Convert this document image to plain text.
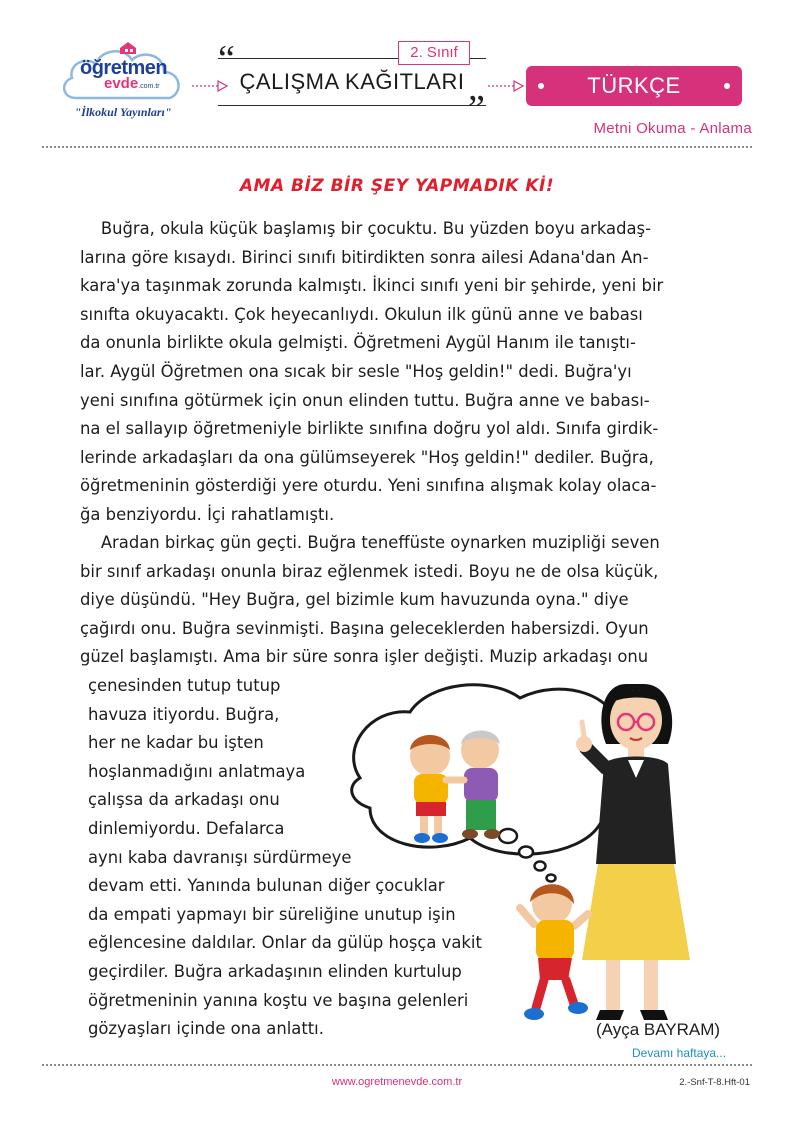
öğretmen
evde.com.tr
"İlkokul Yayınları"
“
ÇALIŞMA KAĞITLARI
2. Sınıf
”
TÜRKÇE
Metni Okuma - Anlama
AMA BİZ BİR ŞEY YAPMADIK Kİ!
Buğra, okula küçük başlamış bir çocuktu. Bu yüzden boyu arkadaş-
larına göre kısaydı. Birinci sınıfı bitirdikten sonra ailesi Adana'dan An-
kara'ya taşınmak zorunda kalmıştı. İkinci sınıfı yeni bir şehirde, yeni bir
sınıfta okuyacaktı. Çok heyecanlıydı. Okulun ilk günü anne ve babası
da onunla birlikte okula gelmişti. Öğretmeni Aygül Hanım ile tanıştı-
lar. Aygül Öğretmen ona sıcak bir sesle "Hoş geldin!" dedi. Buğra'yı
yeni sınıfına götürmek için onun elinden tuttu. Buğra anne ve babası-
na el sallayıp öğretmeniyle birlikte sınıfına doğru yol aldı. Sınıfa girdik-
lerinde arkadaşları da ona gülümseyerek "Hoş geldin!" dediler. Buğra,
öğretmeninin gösterdiği yere oturdu. Yeni sınıfına alışmak kolay olaca-
ğa benziyordu. İçi rahatlamıştı.
Aradan birkaç gün geçti. Buğra teneffüste oynarken muzipliği seven
bir sınıf arkadaşı onunla biraz eğlenmek istedi. Boyu ne de olsa küçük,
diye düşündü. "Hey Buğra, gel bizimle kum havuzunda oyna." diye
çağırdı onu. Buğra sevinmişti. Başına geleceklerden habersizdi. Oyun
güzel başlamıştı. Ama bir süre sonra işler değişti. Muzip arkadaşı onu
çenesinden tutup tutup
havuza itiyordu. Buğra,
her ne kadar bu işten
hoşlanmadığını anlatmaya
çalışsa da arkadaşı onu
dinlemiyordu. Defalarca
aynı kaba davranışı sürdürmeye
devam etti. Yanında bulunan diğer çocuklar
da empati yapmayı bir süreliğine unutup işin
eğlencesine daldılar. Onlar da gülüp hoşça vakit
geçirdiler. Buğra arkadaşının elinden kurtulup
öğretmeninin yanına koştu ve başına gelenleri
gözyaşları içinde ona anlattı.	(Ayça BAYRAM)
Devamı haftaya...
www.ogretmenevde.com.tr	2.-Snf-T-8.Hft-01
